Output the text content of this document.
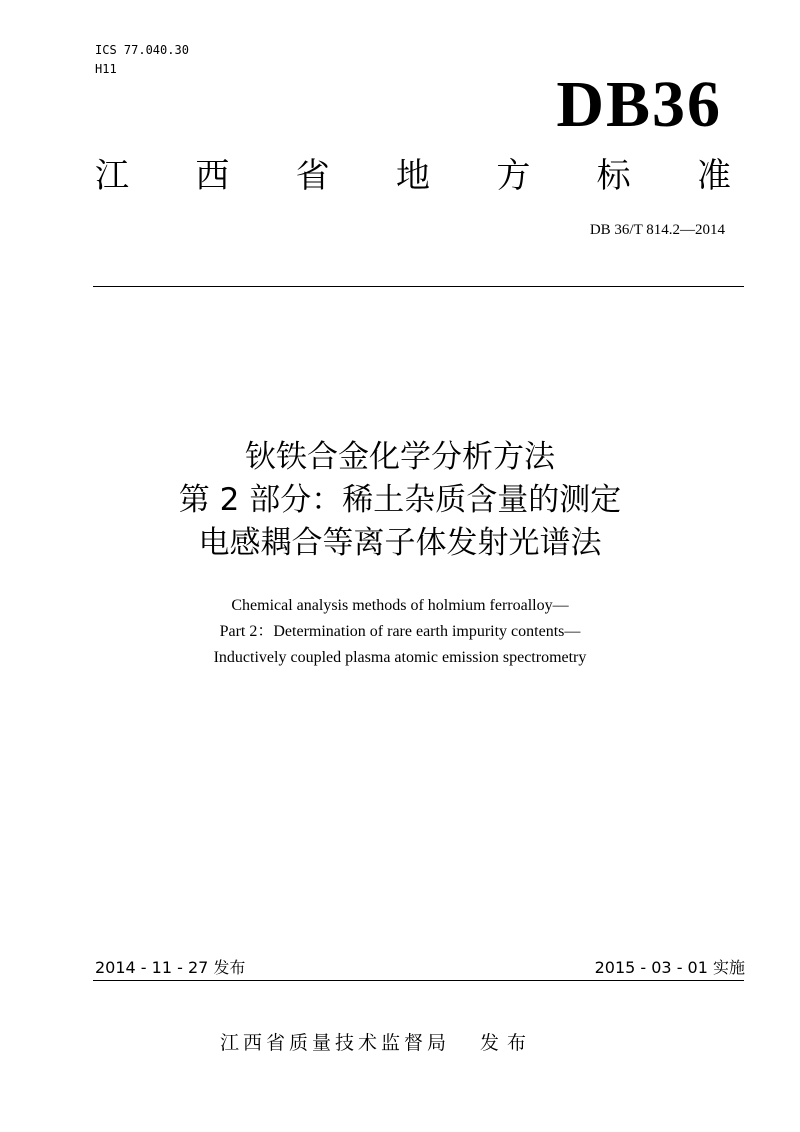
ICS 77.040.30
H11	DB36
江 西 省 地 方 标 准
DB 36/T 814.2—2014
钬铁合金化学分析方法
第 2 部分：稀土杂质含量的测定
电感耦合等离子体发射光谱法
Chemical analysis methods of holmium ferroalloy—
Part 2：Determination of rare earth impurity contents—
Inductively coupled plasma atomic emission spectrometry
2014 - 11 - 27 发布	2015 - 03 - 01 实施
江西省质量技术监督局 发布
